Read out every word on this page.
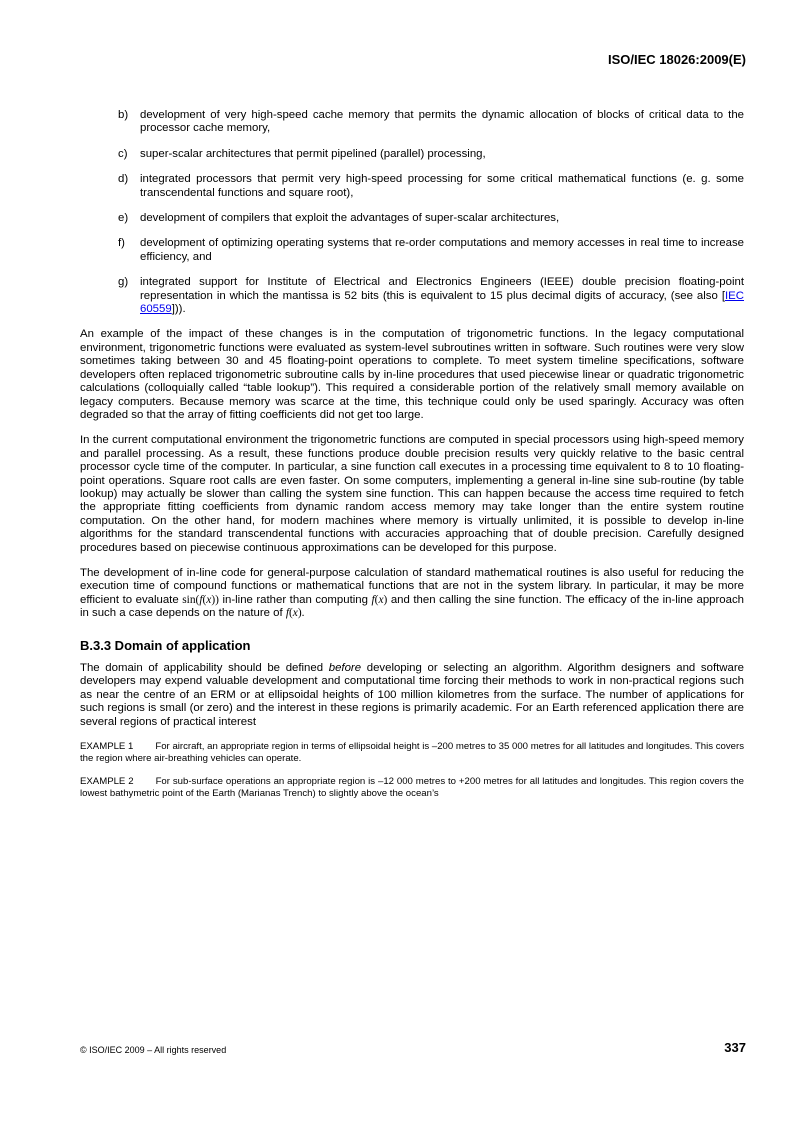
ISO/IEC 18026:2009(E)
b) development of very high-speed cache memory that permits the dynamic allocation of blocks of critical data to the processor cache memory,
c) super-scalar architectures that permit pipelined (parallel) processing,
d) integrated processors that permit very high-speed processing for some critical mathematical functions (e. g. some transcendental functions and square root),
e) development of compilers that exploit the advantages of super-scalar architectures,
f) development of optimizing operating systems that re-order computations and memory accesses in real time to increase efficiency, and
g) integrated support for Institute of Electrical and Electronics Engineers (IEEE) double precision floating-point representation in which the mantissa is 52 bits (this is equivalent to 15 plus decimal digits of accuracy, (see also [IEC 60559])).

An example of the impact of these changes is in the computation of trigonometric functions. In the legacy computational environment, trigonometric functions were evaluated as system-level subroutines written in software. Such routines were very slow sometimes taking between 30 and 45 floating-point operations to complete. To meet system timeline specifications, software developers often replaced trigonometric subroutine calls by in-line procedures that used piecewise linear or quadratic trigonometric calculations (colloquially called “table lookup”). This required a considerable portion of the relatively small memory available on legacy computers. Because memory was scarce at the time, this technique could only be used sparingly. Accuracy was often degraded so that the array of fitting coefficients did not get too large.

In the current computational environment the trigonometric functions are computed in special processors using high-speed memory and parallel processing. As a result, these functions produce double precision results very quickly relative to the basic central processor cycle time of the computer. In particular, a sine function call executes in a processing time equivalent to 8 to 10 floating-point operations. Square root calls are even faster. On some computers, implementing a general in-line sine sub-routine (by table lookup) may actually be slower than calling the system sine function. This can happen because the access time required to fetch the appropriate fitting coefficients from dynamic random access memory may take longer than the entire system routine computation. On the other hand, for modern machines where memory is virtually unlimited, it is possible to develop in-line algorithms for the standard transcendental functions with accuracies approaching that of double precision. Carefully designed procedures based on piecewise continuous approximations can be developed for this purpose.

The development of in-line code for general-purpose calculation of standard mathematical routines is also useful for reducing the execution time of compound functions or mathematical functions that are not in the system library. In particular, it may be more efficient to evaluate sin(f(x)) in-line rather than computing f(x) and then calling the sine function. The efficacy of the in-line approach in such a case depends on the nature of f(x).

B.3.3 Domain of application

The domain of applicability should be defined before developing or selecting an algorithm. Algorithm designers and software developers may expend valuable development and computational time forcing their methods to work in non-practical regions such as near the centre of an ERM or at ellipsoidal heights of 100 million kilometres from the surface. The number of applications for such regions is small (or zero) and the interest in these regions is primarily academic. For an Earth referenced application there are several regions of practical interest

EXAMPLE 1 For aircraft, an appropriate region in terms of ellipsoidal height is –200 metres to 35 000 metres for all latitudes and longitudes. This covers the region where air-breathing vehicles can operate.

EXAMPLE 2 For sub-surface operations an appropriate region is –12 000 metres to +200 metres for all latitudes and longitudes. This region covers the lowest bathymetric point of the Earth (Marianas Trench) to slightly above the ocean’s

© ISO/IEC 2009 – All rights reserved	337
